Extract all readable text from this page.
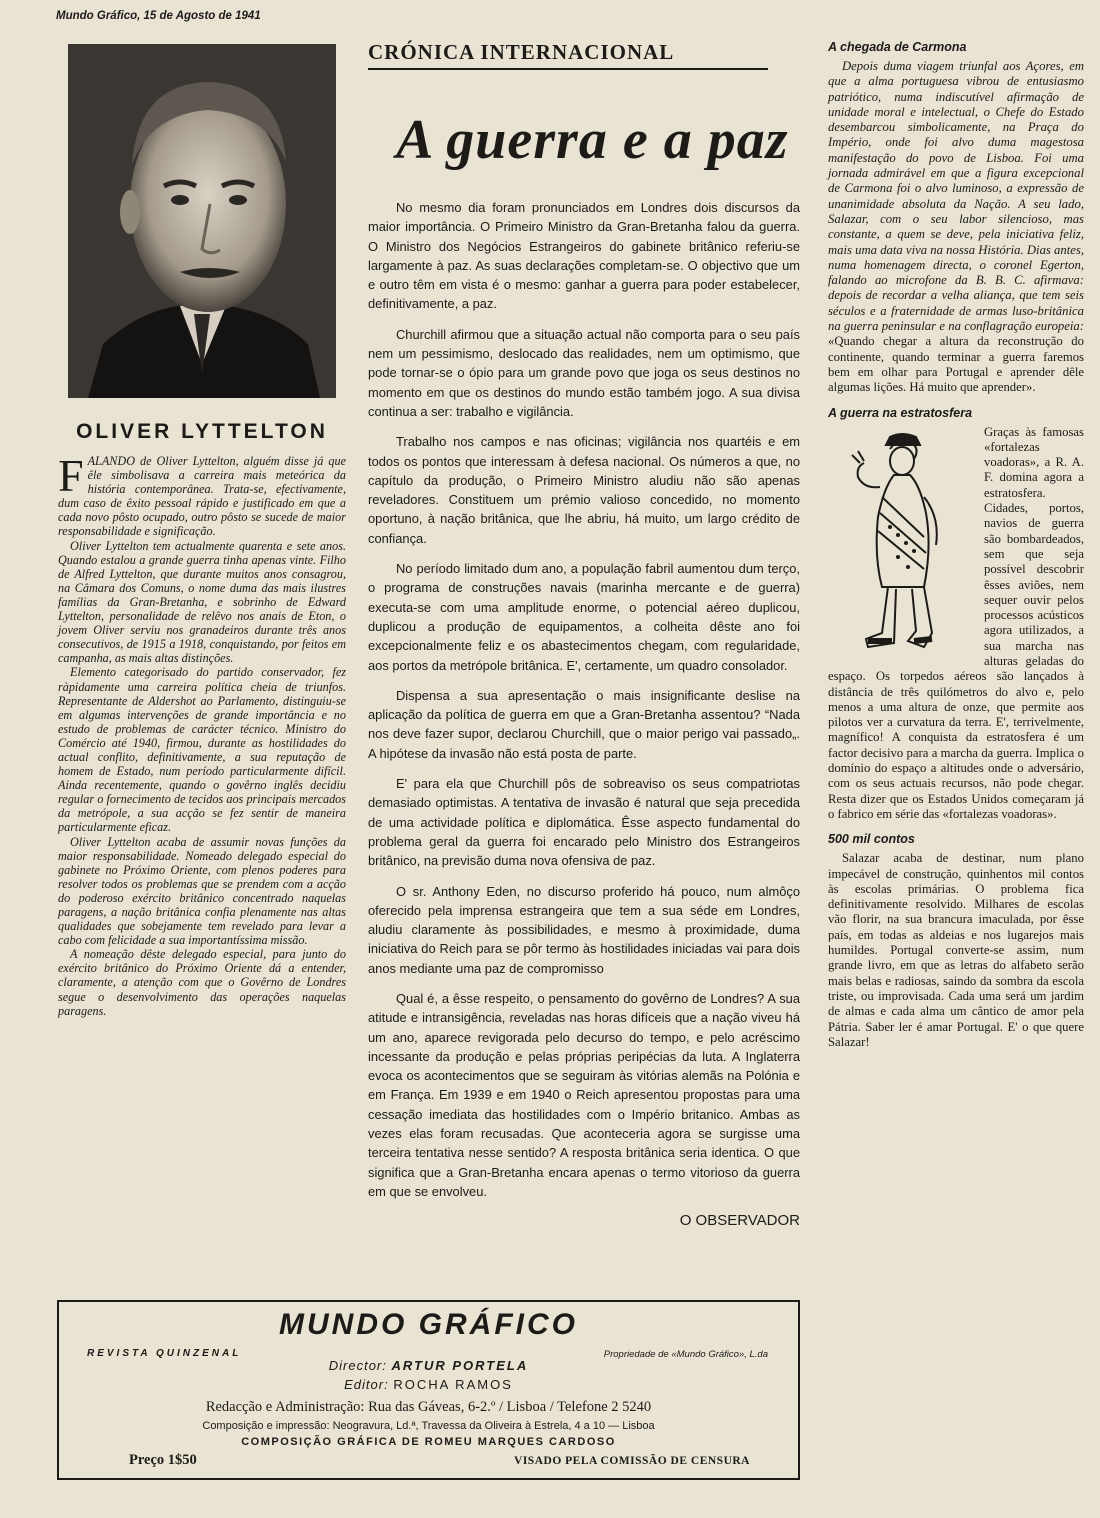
Mundo Gráfico, 15 de Agosto de 1941
OLIVER LYTTELTON

FALANDO de Oliver Lyttelton, alguém disse já que êle simbolisava a carreira mais meteórica da história contemporânea. Trata-se, efectivamente, dum caso de êxito pessoal rápido e justificado em que a cada novo pôsto ocupado, outro pôsto se sucede de maior responsabilidade e significação.

Oliver Lyttelton tem actualmente quarenta e sete anos. Quando estalou a grande guerra tinha apenas vinte. Filho de Alfred Lyttelton, que durante muitos anos consagrou, na Câmara dos Comuns, o nome duma das mais ilustres famílias da Gran-Bretanha, e sobrinho de Edward Lyttelton, personalidade de relêvo nos anais de Eton, o jovem Oliver serviu nos granadeiros durante três anos consecutivos, de 1915 a 1918, conquistando, por feitos em campanha, as mais altas distinções.

Elemento categorisado do partido conservador, fez ràpidamente uma carreira política cheia de triunfos. Representante de Aldershot ao Parlamento, distinguiu-se em algumas intervenções de grande importância e no estudo de problemas de carácter técnico. Ministro do Comércio até 1940, firmou, durante as hostilidades do actual conflito, definitivamente, a sua reputação de homem de Estado, num período particularmente difícil. Ainda recentemente, quando o govêrno inglês decidiu regular o fornecimento de tecidos aos principais mercados da metrópole, a sua acção se fez sentir de maneira particularmente eficaz.

Oliver Lyttelton acaba de assumir novas funções da maior responsabilidade. Nomeado delegado especial do gabinete no Próximo Oriente, com plenos poderes para resolver todos os problemas que se prendem com a acção do poderoso exército britânico concentrado naquelas paragens, a nação britânica confia plenamente nas altas qualidades que sobejamente tem revelado para levar a cabo com felicidade a sua importantíssima missão.

A nomeação dêste delegado especial, para junto do exército britânico do Próximo Oriente dá a entender, claramente, a atenção com que o Govêrno de Londres segue o desenvolvimento das operações naquelas paragens.

CRÓNICA INTERNACIONAL
A guerra e a paz

No mesmo dia foram pronunciados em Londres dois discursos da maior importância. O Primeiro Ministro da Gran-Bretanha falou da guerra. O Ministro dos Negócios Estrangeiros do gabinete britânico referiu-se largamente à paz. As suas declarações completam-se. O objectivo que um e outro têm em vista é o mesmo: ganhar a guerra para poder estabelecer, definitivamente, a paz.

Churchill afirmou que a situação actual não comporta para o seu país nem um pessimismo, deslocado das realidades, nem um optimismo, que pode tornar-se o ópio para um grande povo que joga os seus destinos no momento em que os destinos do mundo estão também jogo. A sua divisa continua a ser: trabalho e vigilância.

Trabalho nos campos e nas oficinas; vigilância nos quartéis e em todos os pontos que interessam à defesa nacional. Os números a que, no capítulo da produção, o Primeiro Ministro aludiu não são apenas reveladores. Constituem um prémio valioso concedido, no momento oportuno, à nação britânica, que lhe abriu, há muito, um largo crédito de confiança.

No período limitado dum ano, a população fabril aumentou dum terço, o programa de construções navais (marinha mercante e de guerra) executa-se com uma amplitude enorme, o potencial aéreo duplicou, duplicou a produção de equipamentos, a colheita dêste ano foi excepcionalmente feliz e os abastecimentos chegam, com regularidade, aos portos da metrópole britânica. E', certamente, um quadro consolador.

Dispensa a sua apresentação o mais insignificante deslise na aplicação da política de guerra em que a Gran-Bretanha assentou? “Nada nos deve fazer supor, declarou Churchill, que o maior perigo vai passado„. A hipótese da invasão não está posta de parte.

E' para ela que Churchill pôs de sobreaviso os seus compatriotas demasiado optimistas. A tentativa de invasão é natural que seja precedida de uma actividade política e diplomática. Êsse aspecto fundamental do problema geral da guerra foi encarado pelo Ministro dos Estrangeiros britânico, na previsão duma nova ofensiva de paz.

O sr. Anthony Eden, no discurso proferido há pouco, num almôço oferecido pela imprensa estrangeira que tem a sua séde em Londres, aludiu claramente às possibilidades, e mesmo à proximidade, duma iniciativa do Reich para se pôr termo às hostilidades iniciadas vai para dois anos mediante uma paz de compromisso

Qual é, a êsse respeito, o pensamento do govêrno de Londres? A sua atitude e intransigência, reveladas nas horas difíceis que a nação viveu há um ano, aparece revigorada pelo decurso do tempo, e pelo acréscimo incessante da produção e pelas próprias peripécias da luta. A Inglaterra evoca os acontecimentos que se seguiram às vitórias alemãs na Polónia e em França. Em 1939 e em 1940 o Reich apresentou propostas para uma cessação imediata das hostilidades com o Império britanico. Ambas as vezes elas foram recusadas. Que aconteceria agora se surgisse uma terceira tentativa nesse sentido? A resposta britânica seria identica. O que significa que a Gran-Bretanha encara apenas o termo vitorioso da guerra em que se envolveu.

O OBSERVADOR
A chegada de Carmona

Depois duma viagem triunfal aos Açores, em que a alma portuguesa vibrou de entusiasmo patriótico, numa indiscutível afirmação de unidade moral e intelectual, o Chefe do Estado desembarcou simbolicamente, na Praça do Império, onde foi alvo duma magestosa manifestação do povo de Lisboa. Foi uma jornada admirável em que a figura excepcional de Carmona foi o alvo luminoso, a expressão de unanimidade absoluta da Nação. A seu lado, Salazar, com o seu labor silencioso, mas constante, a quem se deve, pela iniciativa feliz, mais uma data viva na nossa História. Dias antes, numa homenagem directa, o coronel Egerton, falando ao microfone da B. B. C. afirmava: depois de recordar a velha aliança, que tem seis séculos e a fraternidade de armas luso-britânica na guerra peninsular e na conflagração europeia: «Quando chegar a altura da reconstrução do continente, quando terminar a guerra faremos bem em olhar para Portugal e aprender dêle algumas lições. Há muito que aprender».

A guerra na estratosfera

Graças às famosas «fortalezas voadoras», a R. A. F. domina agora a estratosfera. Cidades, portos, navios de guerra são bombardeados, sem que seja possível descobrir êsses aviões, nem sequer ouvir pelos processos acústicos agora utilizados, a sua marcha nas alturas geladas do espaço. Os torpedos aéreos são lançados à distância de três quilómetros do alvo e, pelo menos a uma altura de onze, que permite aos pilotos ver a curvatura da terra. E', terrivelmente, magnífico! A conquista da estratosfera é um factor decisivo para a marcha da guerra. Implica o domínio do espaço a altitudes onde o adversário, com os seus actuais recursos, não pode chegar. Resta dizer que os Estados Unidos começaram já o fabrico em série das «fortalezas voadoras».

500 mil contos

Salazar acaba de destinar, num plano impecável de construção, quinhentos mil contos às escolas primárias. O problema fica definitivamente resolvido. Milhares de escolas vão florir, na sua brancura imaculada, por êsse país, em todas as aldeias e nos lugarejos mais humildes. Portugal converte-se assim, num grande livro, em que as letras do alfabeto serão mais belas e radiosas, saindo da sombra da escola triste, ou improvisada. Cada uma será um jardim de almas e cada alma um cântico de amor pela Pátria. Saber ler é amar Portugal. E' o que quere Salazar!

MUNDO GRÁFICO
REVISTA QUINZENAL	Propriedade de «Mundo Gráfico», L.da
Director: ARTUR PORTELA
Editor: ROCHA RAMOS
Redacção e Administração: Rua das Gáveas, 6-2.º / Lisboa / Telefone 2 5240
Composição e impressão: Neogravura, Ld.ª, Travessa da Oliveira à Estrela, 4 a 10 — Lisboa
COMPOSIÇÃO GRÁFICA DE ROMEU MARQUES CARDOSO
Preço 1$50	VISADO PELA COMISSÃO DE CENSURA
